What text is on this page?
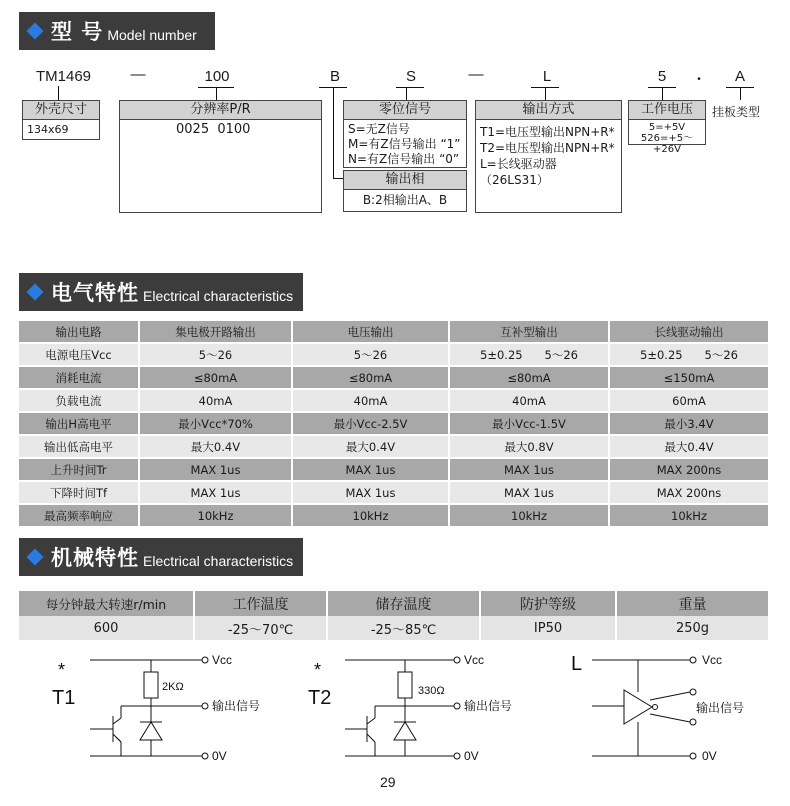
型 号 Model number
TM1469	—	100	B	S	—	L	5	•	A
外壳尺寸
134x69
分辨率P/R
0025  0100
零位信号
S=无Z信号
M=有Z信号输出 “1”
N=有Z信号输出 “0”
输出相
B:2相输出A、B
输出方式
T1=电压型输出NPN+R*
T2=电压型输出NPN+R*
L=长线驱动器（26LS31）
工作电压
5=+5V
526=+5～+26V
挂板类型
电气特性 Electrical characteristics
输出电路	集电极开路输出	电压输出	互补型输出	长线驱动输出
电源电压Vcc	5～26	5～26	5±0.25      5～26	5±0.25      5～26
消耗电流	≤80mA	≤80mA	≤80mA	≤150mA
负载电流	40mA	40mA	40mA	60mA
输出H高电平	最小Vcc*70%	最小Vcc-2.5V	最小Vcc-1.5V	最小3.4V
输出低高电平	最大0.4V	最大0.4V	最大0.8V	最大0.4V
上升时间Tr	MAX 1us	MAX 1us	MAX 1us	MAX 200ns
下降时间Tf	MAX 1us	MAX 1us	MAX 1us	MAX 200ns
最高频率响应	10kHz	10kHz	10kHz	10kHz
机械特性 Electrical characteristics
每分钟最大转速r/min	工作温度	储存温度	防护等级	重量
600	-25～70℃	-25～85℃	IP50	250g
*
T1
Vcc
2KΩ
输出信号
0V
*
T2
Vcc
330Ω
输出信号
0V
L	Vcc
输出信号
0V
29
